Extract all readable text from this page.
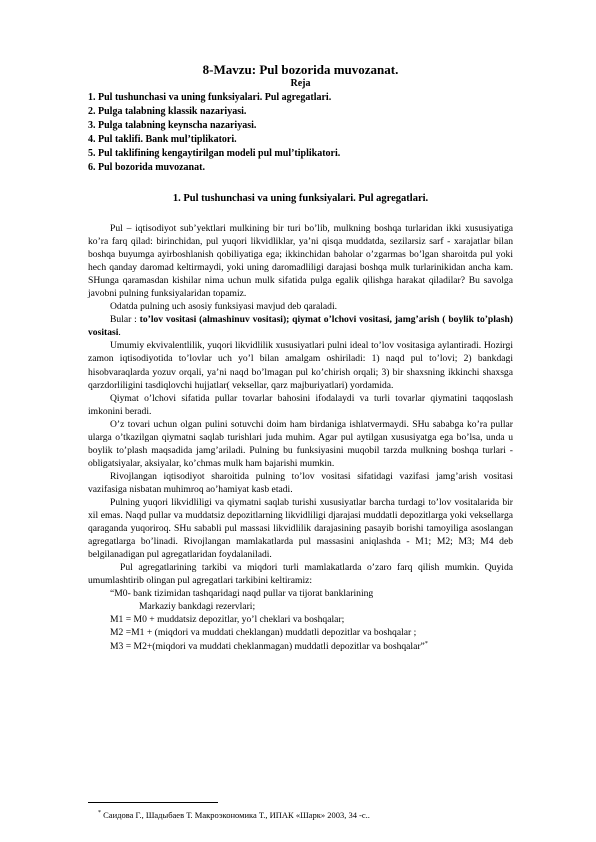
8-Mavzu: Pul bozorida muvozanat.
Reja
1. Pul tushunchasi va uning funksiyalari. Pul agregatlari.
2. Pulga talabning klassik nazariyasi.
3. Pulga talabning keynscha nazariyasi.
4. Pul taklifi. Bank mul’tiplikatori.
5. Pul taklifining kengaytirilgan modeli pul mul’tiplikatori.
6. Pul bozorida muvozanat.
1. Pul tushunchasi va uning funksiyalari. Pul agregatlari.

Pul – iqtisodiyot sub’yektlari mulkining bir turi bo’lib, mulkning boshqa turlaridan ikki xususiyatiga ko’ra farq qilad: birinchidan, pul yuqori likvidliklar, ya’ni qisqa muddatda, sezilarsiz sarf - xarajatlar bilan boshqa buyumga ayirboshlanish qobiliyatiga ega; ikkinchidan baholar o’zgarmas bo’lgan sharoitda pul yoki hech qanday daromad keltirmaydi, yoki uning daromadliligi darajasi boshqa mulk turlarinikidan ancha kam. SHunga qaramasdan kishilar nima uchun mulk sifatida pulga egalik qilishga harakat qiladilar? Bu savolga javobni pulning funksiyalaridan topamiz.

Odatda pulning uch asosiy funksiyasi mavjud deb qaraladi.

Bular : to’lov vositasi (almashinuv vositasi); qiymat o’lchovi vositasi, jamg’arish ( boylik to’plash) vositasi.

Umumiy ekvivalentlilik, yuqori likvidlilik xususiyatlari pulni ideal to’lov vositasiga aylantiradi. Hozirgi zamon iqtisodiyotida to’lovlar uch yo’l bilan amalgam oshiriladi: 1) naqd pul to’lovi; 2) bankdagi hisobvaraqlarda yozuv orqali, ya’ni naqd bo’lmagan pul ko’chirish orqali; 3) bir shaxsning ikkinchi shaxsga qarzdorliligini tasdiqlovchi hujjatlar( veksellar, qarz majburiyatlari) yordamida.

Qiymat o’lchovi sifatida pullar tovarlar bahosini ifodalaydi va turli tovarlar qiymatini taqqoslash imkonini beradi.

O’z tovari uchun olgan pulini sotuvchi doim ham birdaniga ishlatvermaydi. SHu sababga ko’ra pullar ularga o’tkazilgan qiymatni saqlab turishlari juda muhim. Agar pul aytilgan xususiyatga ega bo’lsa, unda u boylik to’plash maqsadida jamg’ariladi. Pulning bu funksiyasini muqobil tarzda mulkning boshqa turlari - obligatsiyalar, aksiyalar, ko’chmas mulk ham bajarishi mumkin.

Rivojlangan iqtisodiyot sharoitida pulning to’lov vositasi sifatidagi vazifasi jamg’arish vositasi vazifasiga nisbatan muhimroq ao’hamiyat kasb etadi.

Pulning yuqori likvidliligi va qiymatni saqlab turishi xususiyatlar barcha turdagi to’lov vositalarida bir xil emas. Naqd pullar va muddatsiz depozitlarning likvidliligi djarajasi muddatli depozitlarga yoki veksellarga qaraganda yuqoriroq. SHu sababli pul massasi likvidlilik darajasining pasayib borishi tamoyiliga asoslangan agregatlarga bo’linadi. Rivojlangan mamlakatlarda pul massasini aniqlashda - M1; M2; M3; M4 deb belgilanadigan pul agregatlaridan foydalaniladi.

Pul agregatlarining tarkibi va miqdori turli mamlakatlarda o’zaro farq qilish mumkin. Quyida umumlashtirib olingan pul agregatlari tarkibini keltiramiz:

“M0- bank tizimidan tashqaridagi naqd pullar va tijorat banklarining

Markaziy bankdagi rezervlari;

M1 = M0 + muddatsiz depozitlar, yo’l cheklari va boshqalar;

M2 =M1 + (miqdori va muddati cheklangan) muddatli depozitlar va boshqalar ;

M3 = M2+(miqdori va muddati cheklanmagan) muddatli depozitlar va boshqalar”*

* Саидова Г., Шадыбаев Т. Макроэкономика Т., ИПАК «Шарк» 2003, 34 -с..
